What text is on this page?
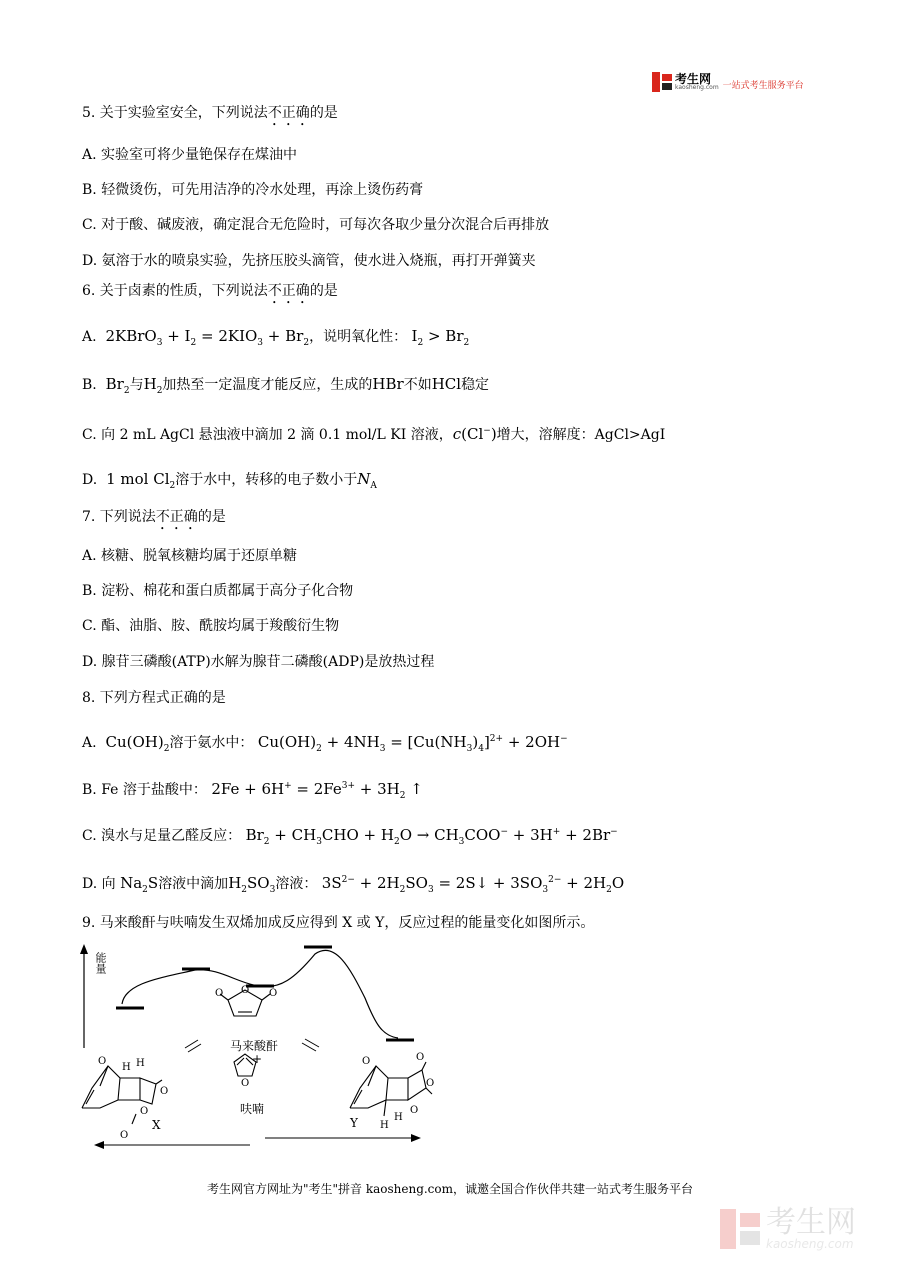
考生网
kaosheng.com 一站式考生服务平台
5. 关于实验室安全，下列说法不正确的是
A. 实验室可将少量铯保存在煤油中
B. 轻微烫伤，可先用洁净的冷水处理，再涂上烫伤药膏
C. 对于酸、碱废液，确定混合无危险时，可每次各取少量分次混合后再排放
D. 氨溶于水的喷泉实验，先挤压胶头滴管，使水进入烧瓶，再打开弹簧夹
6. 关于卤素的性质，下列说法不正确的是
A. 2KBrO$_3$ + $I_2 = 2KIO_3 + Br_2$，说明氧化性： $I_2 > Br_2$
B. $Br_2$与$H_2$加热至一定温度才能反应，生成的HBr不如HCl稳定
C. 向 2 mL AgCl 悬浊液中滴加 2 滴 0.1 mol/L KI 溶液，c(Cl−)增大，溶解度：AgCl>AgI
D. 1 mol $Cl_2$溶于水中，转移的电子数小于$N_A$
7. 下列说法不正确的是
A. 核糖、脱氧核糖均属于还原单糖
B. 淀粉、棉花和蛋白质都属于高分子化合物
C. 酯、油脂、胺、酰胺均属于羧酸衍生物
D. 腺苷三磷酸(ATP)水解为腺苷二磷酸(ADP)是放热过程
8. 下列方程式正确的是
A. $Cu(OH)_2$溶于氨水中： $Cu(OH)_2 + 4NH_3 = [Cu(NH_3)_4]^{2+} + 2OH^-$
B. Fe 溶于盐酸中： $2Fe + 6H^+ = 2Fe^{3+} + 3H_2$ ↑
C. 溴水与足量乙醛反应： $Br_2 + CH_3CHO + H_2O \to CH_3COO^- + 3H^+ + 2Br^-$
D. 向 $Na_2S$溶液中滴加$H_2SO_3$溶液： $3S^{2-} + 2H_2SO_3$ = 2S↓ + $3SO_3^{2-} + 2H_2O$
9. 马来酸酐与呋喃发生双烯加成反应得到 X 或 Y，反应过程的能量变化如图所示。
O O O
O
O
H H
O
O
O
O	O
O
O
H
H
能量
马来酸酐
+
呋喃
X	Y
考生网官方网址为"考生"拼音 kaosheng.com，诚邀全国合作伙伴共建一站式考生服务平台
考生网
kaosheng.com
